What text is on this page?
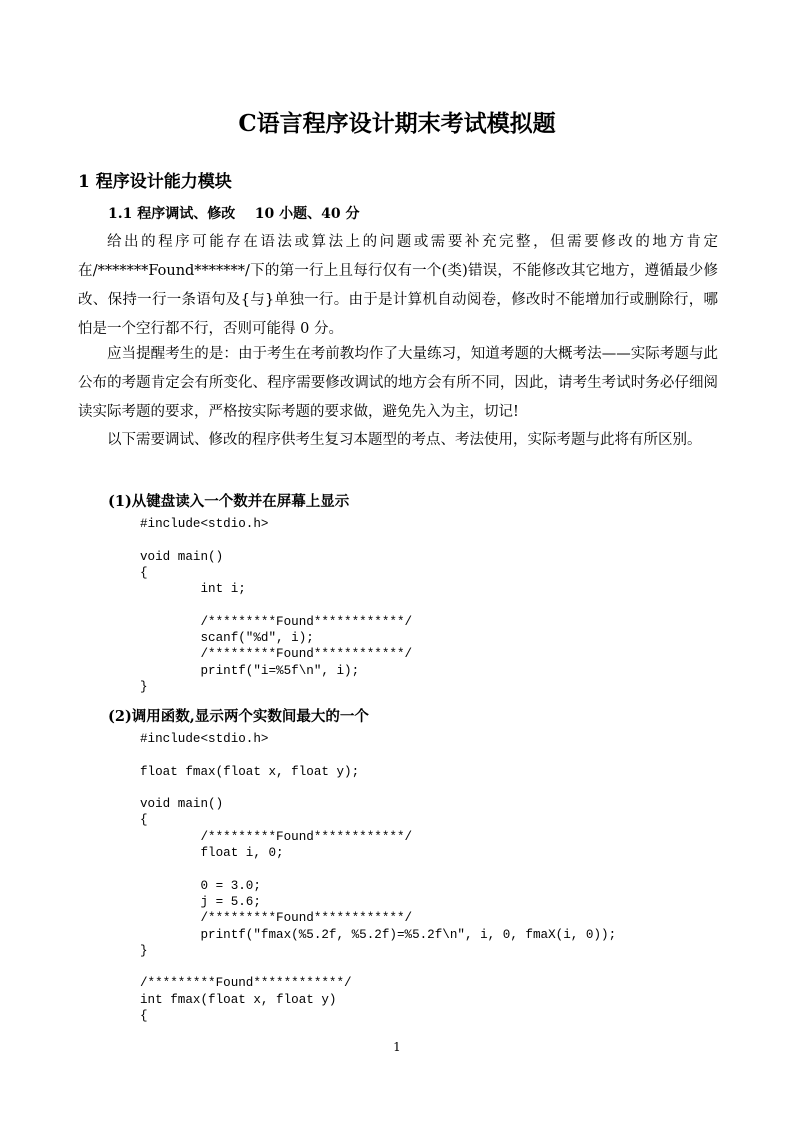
C语言程序设计期末考试模拟题
1 程序设计能力模块
1.1 程序调试、修改    10 小题、40 分

给出的程序可能存在语法或算法上的问题或需要补充完整，但需要修改的地方肯定在/*******Found*******/下的第一行上且每行仅有一个(类)错误，不能修改其它地方，遵循最少修改、保持一行一条语句及{与}单独一行。由于是计算机自动阅卷，修改时不能增加行或删除行，哪怕是一个空行都不行，否则可能得 0 分。

应当提醒考生的是：由于考生在考前教均作了大量练习，知道考题的大概考法——实际考题与此公布的考题肯定会有所变化、程序需要修改调试的地方会有所不同，因此，请考生考试时务必仔细阅读实际考题的要求，严格按实际考题的要求做，避免先入为主，切记!

以下需要调试、修改的程序供考生复习本题型的考点、考法使用，实际考题与此将有所区别。

(1)从键盘读入一个数并在屏幕上显示
#include<stdio.h>

void main()
{
int i;

/*********Found************/
scanf("%d", i);
/*********Found************/
printf("i=%5f\n", i);
}
(2)调用函数,显示两个实数间最大的一个
#include<stdio.h>

float fmax(float x, float y);

void main()
{
/*********Found************/
float i, 0;

0 = 3.0;
j = 5.6;
/*********Found************/
printf("fmax(%5.2f, %5.2f)=%5.2f\n", i, 0, fmaX(i, 0));
}

/*********Found************/
int fmax(float x, float y)
{
1
